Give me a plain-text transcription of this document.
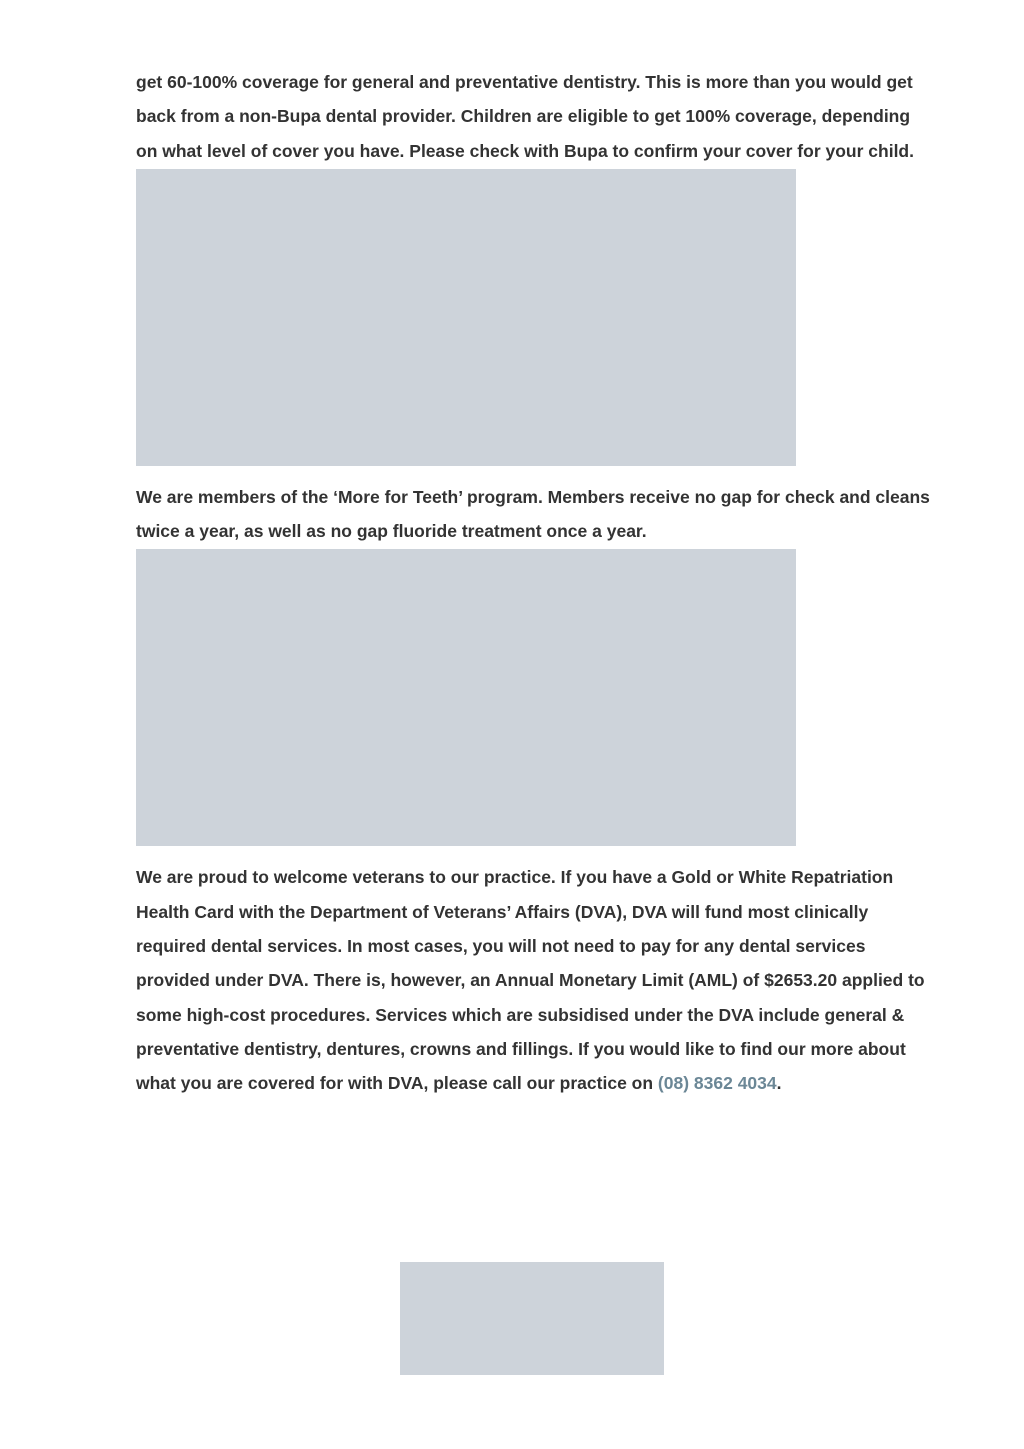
get 60-100% coverage for general and preventative dentistry. This is more than you would get back from a non-Bupa dental provider. Children are eligible to get 100% coverage, depending on what level of cover you have. Please check with Bupa to confirm your cover for your child.

We are members of the ‘More for Teeth’ program. Members receive no gap for check and cleans twice a year, as well as no gap fluoride treatment once a year.

We are proud to welcome veterans to our practice. If you have a Gold or White Repatriation Health Card with the Department of Veterans’ Affairs (DVA), DVA will fund most clinically required dental services. In most cases, you will not need to pay for any dental services provided under DVA. There is, however, an Annual Monetary Limit (AML) of $2653.20 applied to some high-cost procedures. Services which are subsidised under the DVA include general & preventative dentistry, dentures, crowns and fillings. If you would like to find our more about what you are covered for with DVA, please call our practice on (08) 8362 4034.
